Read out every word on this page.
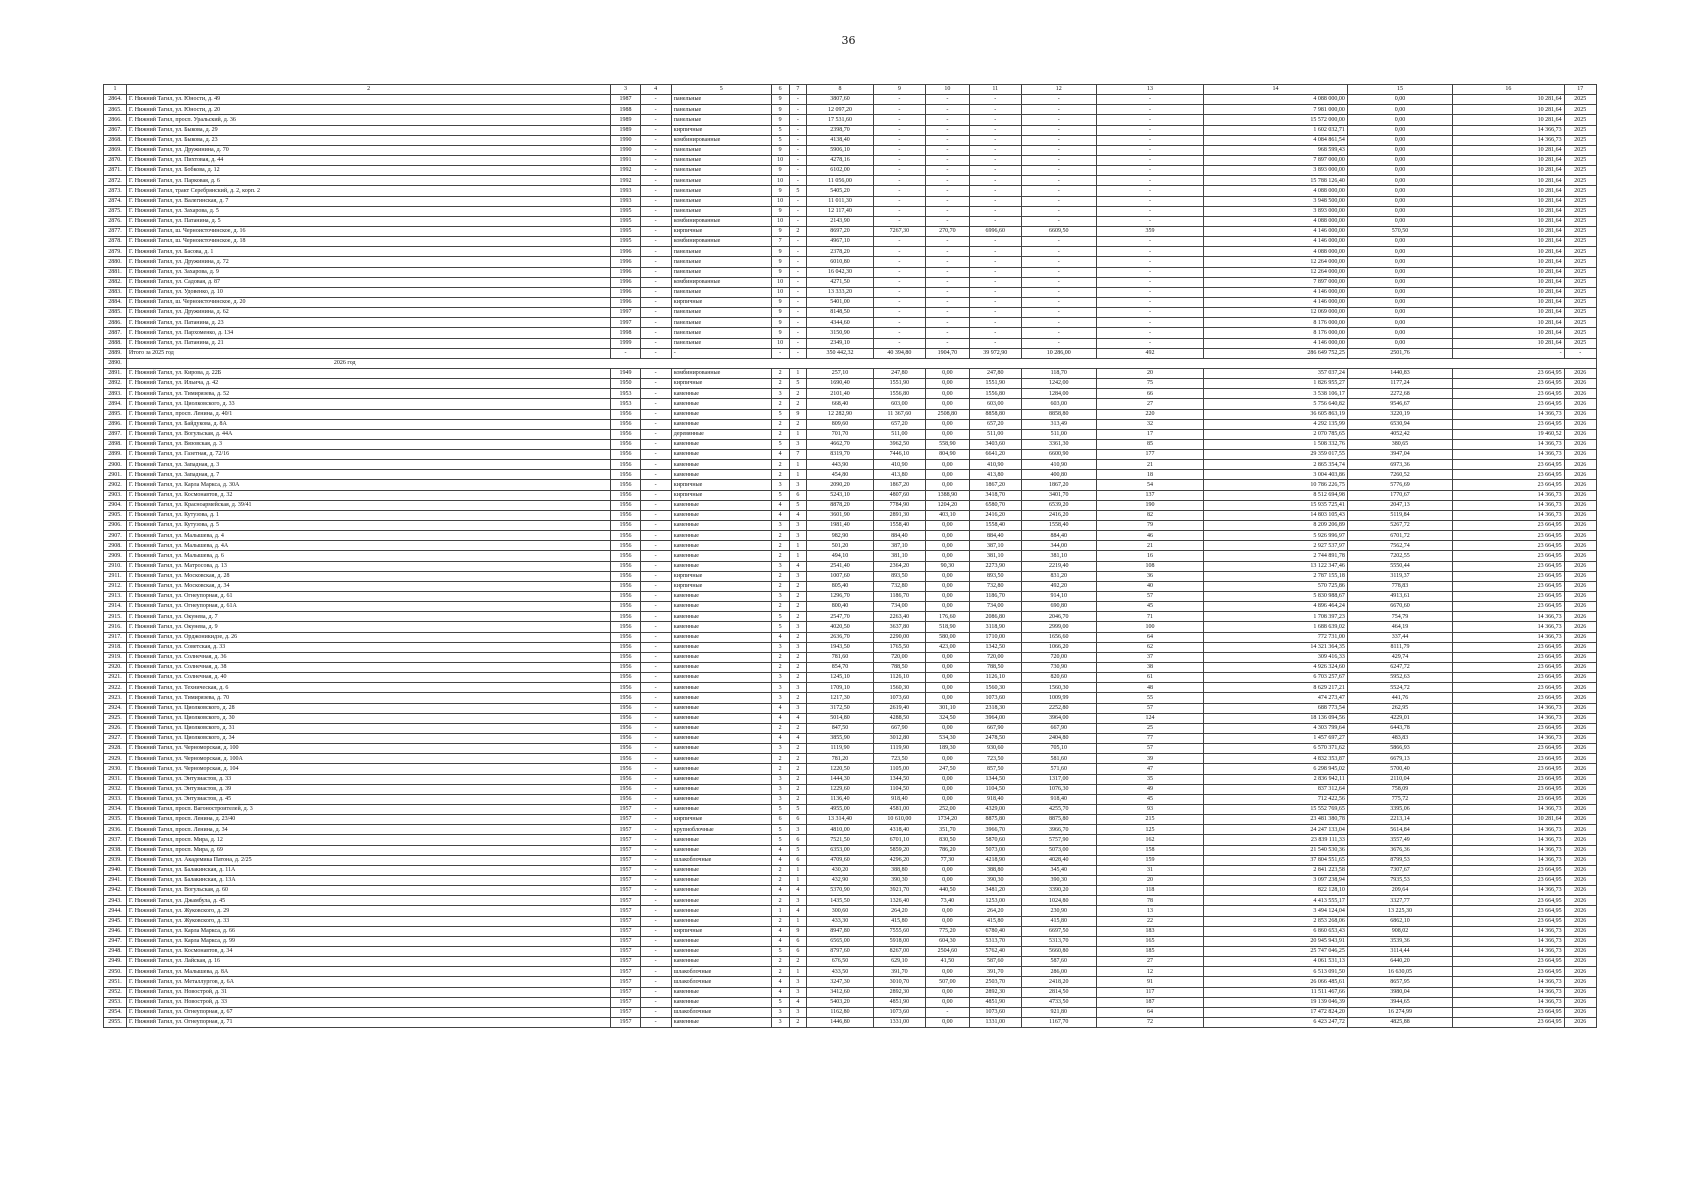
36
1	2	3	4	5	6	7	8	9	10	11	12	13	14	15	16	17
2864.	Г. Нижний Тагил, ул. Юности, д. 49	1987	-	панельные	9	-	3807,60	-	-	-	-	-	4 088 000,00	0,00	10 281,64	2025
2865.	Г. Нижний Тагил, ул. Юности, д. 20	1988	-	панельные	9	-	12 097,20	-	-	-	-	-	7 981 000,00	0,00	10 281,64	2025
2866.	Г. Нижний Тагил, просп. Уральский, д. 36	1989	-	панельные	9	-	17 531,60	-	-	-	-	-	15 572 000,00	0,00	10 281,64	2025
2867.	Г. Нижний Тагил, ул. Быкова, д. 29	1989	-	кирпичные	5	-	2398,70	-	-	-	-	-	1 602 032,71	0,00	14 366,73	2025
2868.	Г. Нижний Тагил, ул. Быкова, д. 23	1990	-	комбинированные	5	-	4138,40	-	-	-	-	-	4 084 861,54	0,00	14 366,73	2025
2869.	Г. Нижний Тагил, ул. Дружинина, д. 70	1990	-	панельные	9	-	5906,10	-	-	-	-	-	968 599,43	0,00	10 281,64	2025
2870.	Г. Нижний Тагил, ул. Пихтовая, д. 44	1991	-	панельные	10	-	4278,16	-	-	-	-	-	7 897 000,00	0,00	10 281,64	2025
2871.	Г. Нижний Тагил, ул. Бобкова, д. 12	1992	-	панельные	9	-	6102,00	-	-	-	-	-	3 893 000,00	0,00	10 281,64	2025
2872.	Г. Нижний Тагил, ул. Парковая, д. 6	1992	-	панельные	10	-	11 056,00	-	-	-	-	-	15 788 126,40	0,00	10 281,64	2025
2873.	Г. Нижний Тагил, тракт Серебрянский, д. 2, корп. 2	1993	-	панельные	9	5	5405,20	-	-	-	-	-	4 088 000,00	0,00	10 281,64	2025
2874.	Г. Нижний Тагил, ул. Валегинская, д. 7	1993	-	панельные	10	-	11 011,30	-	-	-	-	-	3 948 500,00	0,00	10 281,64	2025
2875.	Г. Нижний Тагил, ул. Захарова, д. 5	1995	-	панельные	9	-	12 117,40	-	-	-	-	-	3 893 000,00	0,00	10 281,64	2025
2876.	Г. Нижний Тагил, ул. Патанина, д. 5	1995	-	комбинированные	10	-	2143,90	-	-	-	-	-	4 088 000,00	0,00	10 281,64	2025
2877.	Г. Нижний Тагил, ш. Черноисточинское, д. 16	1995	-	кирпичные	9	2	8697,20	7267,30	270,70	6996,60	6609,50	359	4 146 000,00	570,50	10 281,64	2025
2878.	Г. Нижний Тагил, ш. Черноисточинское, д. 18	1995	-	комбинированные	7	-	4967,10	-	-	-	-	-	4 146 000,00	0,00	10 281,64	2025
2879.	Г. Нижний Тагил, ул. Басова, д. 1	1996	-	панельные	9	-	2378,20	-	-	-	-	-	4 088 000,00	0,00	10 281,64	2025
2880.	Г. Нижний Тагил, ул. Дружинина, д. 72	1996	-	панельные	9	-	6010,80	-	-	-	-	-	12 264 000,00	0,00	10 281,64	2025
2881.	Г. Нижний Тагил, ул. Захарова, д. 9	1996	-	панельные	9	-	16 042,30	-	-	-	-	-	12 264 000,00	0,00	10 281,64	2025
2882.	Г. Нижний Тагил, ул. Садовая, д. 87	1996	-	комбинированные	10	-	4271,50	-	-	-	-	-	7 897 000,00	0,00	10 281,64	2025
2883.	Г. Нижний Тагил, ул. Удовенко, д. 10	1996	-	панельные	10	-	13 333,20	-	-	-	-	-	4 146 000,00	0,00	10 281,64	2025
2884.	Г. Нижний Тагил, ш. Черноисточинское, д. 20	1996	-	кирпичные	9	-	5401,00	-	-	-	-	-	4 146 000,00	0,00	10 281,64	2025
2885.	Г. Нижний Тагил, ул. Дружинина, д. 62	1997	-	панельные	9	-	8148,50	-	-	-	-	-	12 069 000,00	0,00	10 281,64	2025
2886.	Г. Нижний Тагил, ул. Патанина, д. 23	1997	-	панельные	9	-	4344,60	-	-	-	-	-	8 176 000,00	0,00	10 281,64	2025
2887.	Г. Нижний Тагил, ул. Пархоменко, д. 134	1998	-	панельные	9	-	3150,90	-	-	-	-	-	8 176 000,00	0,00	10 281,64	2025
2888.	Г. Нижний Тагил, ул. Патанина, д. 21	1999	-	панельные	10	-	2349,10	-	-	-	-	-	4 146 000,00	0,00	10 281,64	2025
2889.	Итого за 2025 год	-	-	-	-	-	350 442,32	40 394,80	1904,70	39 972,90	10 286,00	492	286 649 752,25	2501,76	-	-
2890.	2026 год															
2891.	Г. Нижний Тагил, ул. Кирова, д. 22Б	1949	-	комбинированные	2	1	257,10	247,80	0,00	247,80	118,70	20	357 037,24	1440,83	23 664,95	2026
2892.	Г. Нижний Тагил, ул. Ильича, д. 42	1950	-	кирпичные	2	5	1690,40	1551,90	0,00	1551,90	1242,00	75	1 826 955,27	1177,24	23 664,95	2026
2893.	Г. Нижний Тагил, ул. Тимирязева, д. 52	1953	-	каменные	3	2	2101,40	1556,80	0,00	1556,80	1284,00	66	3 538 106,17	2272,68	23 664,95	2026
2894.	Г. Нижний Тагил, ул. Циолковского, д. 33	1953	-	каменные	2	2	668,40	603,00	0,00	603,00	603,00	27	5 756 640,82	9546,67	23 664,95	2026
2895.	Г. Нижний Тагил, просп. Ленина, д. 40/1	1956	-	каменные	5	9	12 282,90	11 367,60	2508,80	8858,80	8858,80	220	36 605 863,19	3220,19	14 366,73	2026
2896.	Г. Нижний Тагил, ул. Байдукова, д. 8А	1956	-	каменные	2	2	809,60	657,20	0,00	657,20	313,49	32	4 292 135,99	6530,94	23 664,95	2026
2897.	Г. Нижний Тагил, ул. Вогульская, д. 44А	1956	-	деревянные	2	1	701,70	511,00	0,00	511,00	511,00	17	2 070 785,65	4052,42	19 460,52	2026
2898.	Г. Нижний Тагил, ул. Вязовская, д. 3	1956	-	каменные	5	3	4662,70	3962,50	558,90	3403,60	3361,30	85	1 508 332,76	380,65	14 366,73	2026
2899.	Г. Нижний Тагил, ул. Газетная, д. 72/16	1956	-	каменные	4	7	8319,70	7446,10	804,90	6641,20	6600,90	177	29 359 017,55	3947,04	14 366,73	2026
2900.	Г. Нижний Тагил, ул. Западная, д. 3	1956	-	каменные	2	1	443,90	410,90	0,00	410,90	410,90	21	2 865 354,74	6973,36	23 664,95	2026
2901.	Г. Нижний Тагил, ул. Западная, д. 7	1956	-	каменные	2	1	454,80	413,80	0,00	413,80	400,80	18	3 004 403,86	7260,52	23 664,95	2026
2902.	Г. Нижний Тагил, ул. Карла Маркса, д. 30А	1956	-	кирпичные	3	3	2090,20	1867,20	0,00	1867,20	1867,20	54	10 786 226,75	5776,69	23 664,95	2026
2903.	Г. Нижний Тагил, ул. Космонавтов, д. 32	1956	-	кирпичные	5	6	5243,10	4807,60	1388,90	3418,70	3401,70	137	8 512 694,98	1770,67	14 366,73	2026
2904.	Г. Нижний Тагил, ул. Красноармейская, д. 39/41	1956	-	каменные	4	5	8878,20	7784,90	1204,20	6580,70	6539,20	190	15 935 725,41	2047,13	14 366,73	2026
2905.	Г. Нижний Тагил, ул. Кутузова, д. 1	1956	-	каменные	4	4	3601,90	2891,30	403,10	2416,20	2416,20	82	14 803 105,43	5119,84	14 366,73	2026
2906.	Г. Нижний Тагил, ул. Кутузова, д. 5	1956	-	каменные	3	3	1981,40	1558,40	0,00	1558,40	1558,40	79	8 209 206,89	5267,72	23 664,95	2026
2907.	Г. Нижний Тагил, ул. Малышева, д. 4	1956	-	каменные	2	3	982,90	884,40	0,00	884,40	884,40	46	5 926 996,97	6701,72	23 664,95	2026
2908.	Г. Нижний Тагил, ул. Малышева, д. 4А	1956	-	каменные	2	1	501,20	387,10	0,00	387,10	344,00	21	2 927 537,97	7562,74	23 664,95	2026
2909.	Г. Нижний Тагил, ул. Малышева, д. 6	1956	-	каменные	2	1	494,10	381,10	0,00	381,10	381,10	16	2 744 891,78	7202,55	23 664,95	2026
2910.	Г. Нижний Тагил, ул. Матросова, д. 13	1956	-	каменные	3	4	2541,40	2364,20	90,30	2273,90	2219,40	108	13 122 347,46	5550,44	23 664,95	2026
2911.	Г. Нижний Тагил, ул. Московская, д. 28	1956	-	кирпичные	2	3	1007,60	893,50	0,00	893,50	831,20	36	2 787 155,18	3119,37	23 664,95	2026
2912.	Г. Нижний Тагил, ул. Московская, д. 34	1956	-	кирпичные	2	2	805,40	732,80	0,00	732,80	492,20	40	570 725,86	778,83	23 664,95	2026
2913.	Г. Нижний Тагил, ул. Огнеупорная, д. 61	1956	-	каменные	3	2	1296,70	1186,70	0,00	1186,70	914,10	57	5 830 988,67	4913,61	23 664,95	2026
2914.	Г. Нижний Тагил, ул. Огнеупорная, д. 61А	1956	-	каменные	2	2	800,40	734,00	0,00	734,00	690,80	45	4 896 464,24	6670,60	23 664,95	2026
2915.	Г. Нижний Тагил, ул. Окунева, д. 7	1956	-	каменные	5	2	2547,70	2263,40	176,60	2086,80	2046,70	71	1 708 397,23	754,79	14 366,73	2026
2916.	Г. Нижний Тагил, ул. Окунева, д. 9	1956	-	каменные	5	3	4020,50	3637,80	518,90	3118,90	2999,00	100	1 688 639,02	464,19	14 366,73	2026
2917.	Г. Нижний Тагил, ул. Орджоникидзе, д. 26	1956	-	каменные	4	2	2636,70	2290,00	580,00	1710,00	1656,60	64	772 731,00	337,44	14 366,73	2026
2918.	Г. Нижний Тагил, ул. Советская, д. 33	1956	-	каменные	3	3	1943,50	1765,50	423,00	1342,50	1066,20	62	14 321 364,35	8111,79	23 664,95	2026
2919.	Г. Нижний Тагил, ул. Солнечная, д. 36	1956	-	каменные	2	2	781,60	720,00	0,00	720,00	720,00	37	309 416,33	429,74	23 664,95	2026
2920.	Г. Нижний Тагил, ул. Солнечная, д. 38	1956	-	каменные	2	2	854,70	788,50	0,00	788,50	730,90	38	4 926 324,60	6247,72	23 664,95	2026
2921.	Г. Нижний Тагил, ул. Солнечная, д. 40	1956	-	каменные	3	2	1245,10	1126,10	0,00	1126,10	820,60	61	6 703 257,67	5952,63	23 664,95	2026
2922.	Г. Нижний Тагил, ул. Техническая, д. 6	1956	-	каменные	3	3	1709,10	1560,30	0,00	1560,30	1560,30	48	8 629 217,21	5524,72	23 664,95	2026
2923.	Г. Нижний Тагил, ул. Тимирязева, д. 70	1956	-	каменные	3	2	1217,30	1073,60	0,00	1073,60	1009,99	55	474 273,47	441,76	23 664,95	2026
2924.	Г. Нижний Тагил, ул. Циолковского, д. 28	1956	-	каменные	4	3	3172,50	2619,40	301,10	2318,30	2252,80	57	688 773,54	262,95	14 366,73	2026
2925.	Г. Нижний Тагил, ул. Циолковского, д. 30	1956	-	каменные	4	4	5014,80	4288,50	324,50	3964,00	3964,00	124	18 136 094,56	4229,01	14 366,73	2026
2926.	Г. Нижний Тагил, ул. Циолковского, д. 31	1956	-	каменные	2	2	847,50	667,90	0,00	667,90	667,90	25	4 303 799,64	6443,78	23 664,95	2026
2927.	Г. Нижний Тагил, ул. Циолковского, д. 34	1956	-	каменные	4	4	3855,90	3012,80	534,30	2478,50	2404,80	77	1 457 697,27	483,83	14 366,73	2026
2928.	Г. Нижний Тагил, ул. Черноморская, д. 100	1956	-	каменные	3	2	1119,90	1119,90	189,30	930,60	705,10	57	6 570 371,62	5866,93	23 664,95	2026
2929.	Г. Нижний Тагил, ул. Черноморская, д. 100А	1956	-	каменные	2	2	781,20	723,50	0,00	723,50	581,60	39	4 832 353,87	6679,13	23 664,95	2026
2930.	Г. Нижний Тагил, ул. Черноморская, д. 104	1956	-	каменные	2	2	1220,50	1105,00	247,50	857,50	571,60	47	6 298 945,02	5700,40	23 664,95	2026
2931.	Г. Нижний Тагил, ул. Энтузиастов, д. 33	1956	-	каменные	3	2	1444,30	1344,50	0,00	1344,50	1317,00	35	2 836 942,11	2110,04	23 664,95	2026
2932.	Г. Нижний Тагил, ул. Энтузиастов, д. 39	1956	-	каменные	3	2	1229,60	1104,50	0,00	1104,50	1076,30	49	837 312,64	758,09	23 664,95	2026
2933.	Г. Нижний Тагил, ул. Энтузиастов, д. 45	1956	-	каменные	3	2	1136,40	918,40	0,00	918,40	918,40	45	712 422,56	775,72	23 664,95	2026
2934.	Г. Нижний Тагил, просп. Вагоностроителей, д. 3	1957	-	каменные	5	5	4955,00	4581,00	252,00	4329,00	4255,70	93	15 552 769,65	3395,06	14 366,73	2026
2935.	Г. Нижний Тагил, просп. Ленина, д. 23/40	1957	-	кирпичные	6	6	13 314,40	10 610,00	1734,20	8875,80	8875,80	215	23 481 380,78	2213,14	10 281,64	2026
2936.	Г. Нижний Тагил, просп. Ленина, д. 34	1957	-	крупноблочные	5	3	4810,00	4318,40	351,70	3966,70	3966,70	125	24 247 133,04	5614,84	14 366,73	2026
2937.	Г. Нижний Тагил, просп. Мира, д. 12	1957	-	каменные	5	6	7521,50	6701,10	830,50	5870,60	5757,90	162	23 839 111,33	3557,49	14 366,73	2026
2938.	Г. Нижний Тагил, просп. Мира, д. 69	1957	-	каменные	4	5	6353,00	5859,20	786,20	5073,00	5073,00	158	21 540 530,36	3676,36	14 366,73	2026
2939.	Г. Нижний Тагил, ул. Академика Патона, д. 2/25	1957	-	шлакоблочные	4	6	4709,60	4296,20	77,30	4218,90	4028,40	159	37 804 551,65	8799,53	14 366,73	2026
2940.	Г. Нижний Тагил, ул. Балакинская, д. 11А	1957	-	каменные	2	1	430,20	388,80	0,00	388,80	345,40	31	2 841 223,58	7307,67	23 664,95	2026
2941.	Г. Нижний Тагил, ул. Балакинская, д. 13А	1957	-	каменные	2	1	432,90	390,30	0,00	390,30	390,30	20	3 097 238,94	7935,53	23 664,95	2026
2942.	Г. Нижний Тагил, ул. Вогульская, д. 60	1957	-	каменные	4	4	5370,90	3921,70	440,50	3481,20	3390,20	118	822 128,10	209,64	14 366,73	2026
2943.	Г. Нижний Тагил, ул. Джамбула, д. 45	1957	-	каменные	2	3	1435,50	1326,40	73,40	1253,00	1024,80	78	4 413 555,17	3327,77	23 664,95	2026
2944.	Г. Нижний Тагил, ул. Жуковского, д. 29	1957	-	каменные	1	4	300,60	264,20	0,00	264,20	230,90	13	3 494 124,04	13 225,30	23 664,95	2026
2945.	Г. Нижний Тагил, ул. Жуковского, д. 33	1957	-	каменные	2	1	433,30	415,80	0,00	415,80	415,80	22	2 853 268,06	6862,10	23 664,95	2026
2946.	Г. Нижний Тагил, ул. Карла Маркса, д. 66	1957	-	кирпичные	4	9	8947,80	7555,60	775,20	6780,40	6697,50	183	6 860 653,43	908,02	14 366,73	2026
2947.	Г. Нижний Тагил, ул. Карла Маркса, д. 99	1957	-	каменные	4	6	6565,00	5918,00	604,30	5313,70	5313,70	165	20 945 943,91	3539,36	14 366,73	2026
2948.	Г. Нижний Тагил, ул. Космонавтов, д. 34	1957	-	каменные	5	6	8797,60	8267,00	2504,60	5762,40	5660,80	185	25 747 046,25	3114,44	14 366,73	2026
2949.	Г. Нижний Тагил, ул. Лайская, д. 16	1957	-	каменные	2	2	676,50	629,10	41,50	587,60	587,60	27	4 061 531,13	6440,20	23 664,95	2026
2950.	Г. Нижний Тагил, ул. Малышева, д. 8А	1957	-	шлакоблочные	2	1	433,50	391,70	0,00	391,70	286,00	12	6 513 091,50	16 630,05	23 664,95	2026
2951.	Г. Нижний Тагил, ул. Металлургов, д. 6А	1957	-	шлакоблочные	4	3	3247,30	3010,70	507,00	2503,70	2418,20	91	26 066 485,61	8657,95	14 366,73	2026
2952.	Г. Нижний Тагил, ул. Новострой, д. 31	1957	-	каменные	4	3	3412,60	2892,30	0,00	2892,30	2814,50	117	11 511 467,66	3980,04	14 366,73	2026
2953.	Г. Нижний Тагил, ул. Новострой, д. 33	1957	-	каменные	5	4	5403,20	4851,90	0,00	4851,90	4733,50	187	19 139 046,39	3944,65	14 366,73	2026
2954.	Г. Нижний Тагил, ул. Огнеупорная, д. 67	1957	-	шлакоблочные	3	3	1162,80	1073,60	-	1073,60	921,80	64	17 472 824,20	16 274,99	23 664,95	2026
2955.	Г. Нижний Тагил, ул. Огнеупорная, д. 71	1957	-	каменные	3	2	1446,80	1331,00	0,00	1331,00	1167,70	72	6 423 247,72	4825,88	23 664,95	2026
